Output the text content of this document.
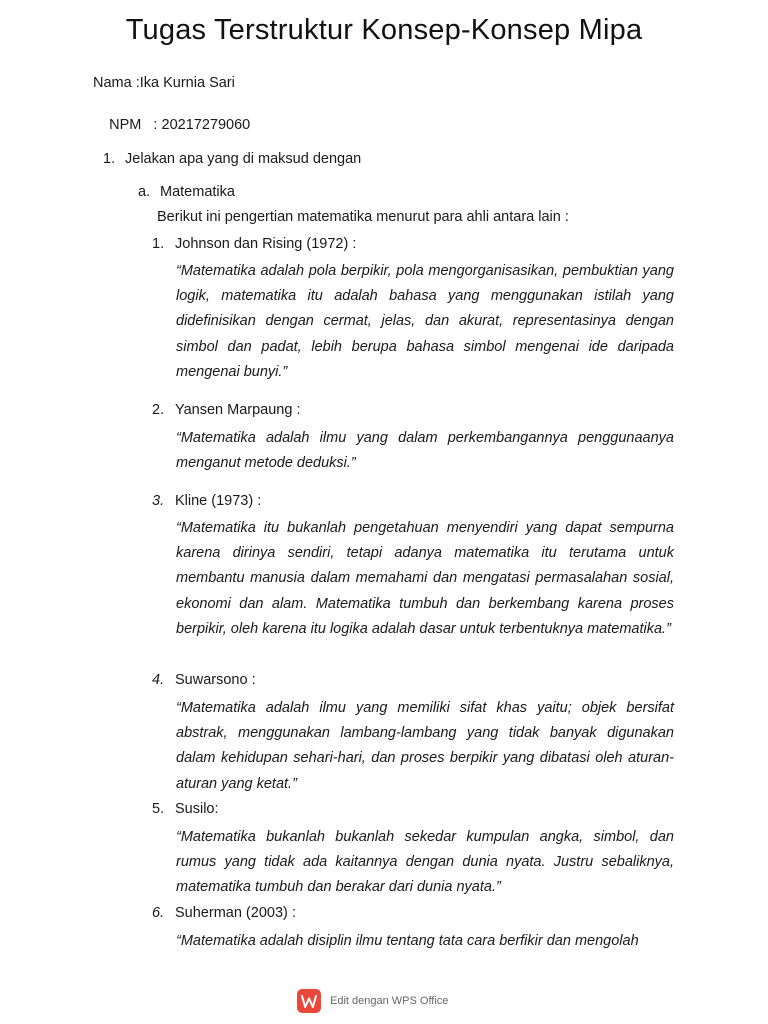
Tugas Terstruktur Konsep-Konsep Mipa
Nama :Ika Kurnia Sari

NPM   : 20217279060

1. Jelakan apa yang di maksud dengan
a. Matematika
Berikut ini pengertian matematika menurut para ahli antara lain :
1. Johnson dan Rising (1972) :

“Matematika adalah pola berpikir, pola mengorganisasikan, pembuktian yang logik, matematika itu adalah bahasa yang menggunakan istilah yang didefinisikan dengan cermat, jelas, dan akurat, representasinya dengan simbol dan padat, lebih berupa bahasa simbol mengenai ide daripada mengenai bunyi.”

2. Yansen Marpaung :

“Matematika adalah ilmu yang dalam perkembangannya penggunaanya menganut metode deduksi.”

3. Kline (1973) :

“Matematika itu bukanlah pengetahuan menyendiri yang dapat sempurna karena dirinya sendiri, tetapi adanya matematika itu terutama untuk membantu manusia dalam memahami dan mengatasi permasalahan sosial, ekonomi dan alam. Matematika tumbuh dan berkembang karena proses berpikir, oleh karena itu logika adalah dasar untuk terbentuknya matematika.”

4. Suwarsono :

“Matematika adalah ilmu yang memiliki sifat khas yaitu; objek bersifat abstrak, menggunakan lambang-lambang yang tidak banyak digunakan dalam kehidupan sehari-hari, dan proses berpikir yang dibatasi oleh aturan-aturan yang ketat.”

5. Susilo:

“Matematika bukanlah bukanlah sekedar kumpulan angka, simbol, dan rumus yang tidak ada kaitannya dengan dunia nyata. Justru sebaliknya, matematika tumbuh dan berakar dari dunia nyata.”

6. Suherman (2003) :

“Matematika adalah disiplin ilmu tentang tata cara berfikir dan mengolah

Edit dengan WPS Office
